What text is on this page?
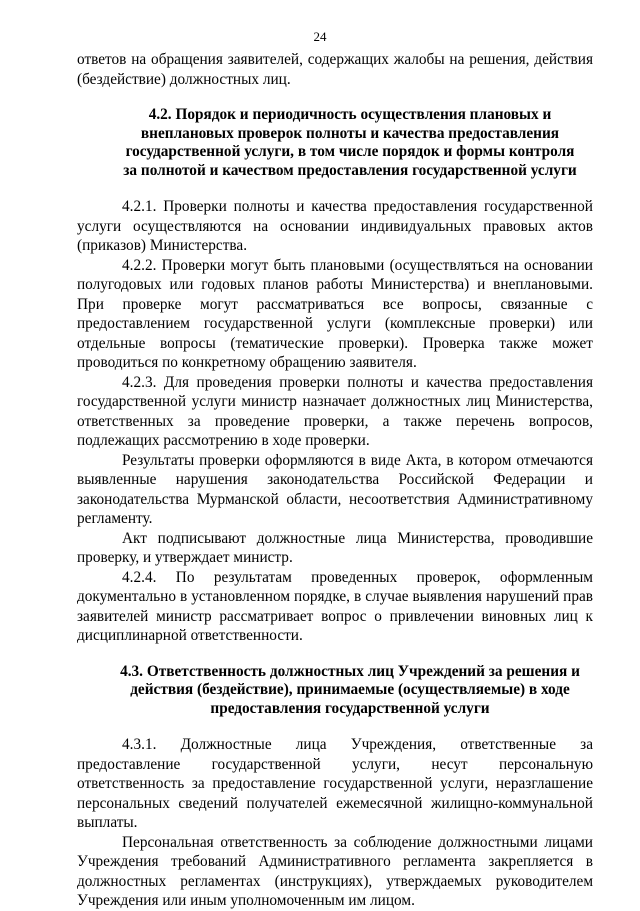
24

ответов на обращения заявителей, содержащих жалобы на решения, действия (бездействие) должностных лиц.

4.2. Порядок и периодичность осуществления плановых и внеплановых проверок полноты и качества предоставления государственной услуги, в том числе порядок и формы контроля за полнотой и качеством предоставления государственной услуги

4.2.1. Проверки полноты и качества предоставления государственной услуги осуществляются на основании индивидуальных правовых актов (приказов) Министерства.

4.2.2. Проверки могут быть плановыми (осуществляться на основании полугодовых или годовых планов работы Министерства) и внеплановыми. При проверке могут рассматриваться все вопросы, связанные с предоставлением государственной услуги (комплексные проверки) или отдельные вопросы (тематические проверки). Проверка также может проводиться по конкретному обращению заявителя.

4.2.3. Для проведения проверки полноты и качества предоставления государственной услуги министр назначает должностных лиц Министерства, ответственных за проведение проверки, а также перечень вопросов, подлежащих рассмотрению в ходе проверки.

Результаты проверки оформляются в виде Акта, в котором отмечаются выявленные нарушения законодательства Российской Федерации и законодательства Мурманской области, несоответствия Административному регламенту.

Акт подписывают должностные лица Министерства, проводившие проверку, и утверждает министр.

4.2.4. По результатам проведенных проверок, оформленным документально в установленном порядке, в случае выявления нарушений прав заявителей министр рассматривает вопрос о привлечении виновных лиц к дисциплинарной ответственности.

4.3. Ответственность должностных лиц Учреждений за решения и действия (бездействие), принимаемые (осуществляемые) в ходе предоставления государственной услуги

4.3.1. Должностные лица Учреждения, ответственные за предоставление государственной услуги, несут персональную ответственность за предоставление государственной услуги, неразглашение персональных сведений получателей ежемесячной жилищно-коммунальной выплаты.

Персональная ответственность за соблюдение должностными лицами Учреждения требований Административного регламента закрепляется в должностных регламентах (инструкциях), утверждаемых руководителем Учреждения или иным уполномоченным им лицом.
